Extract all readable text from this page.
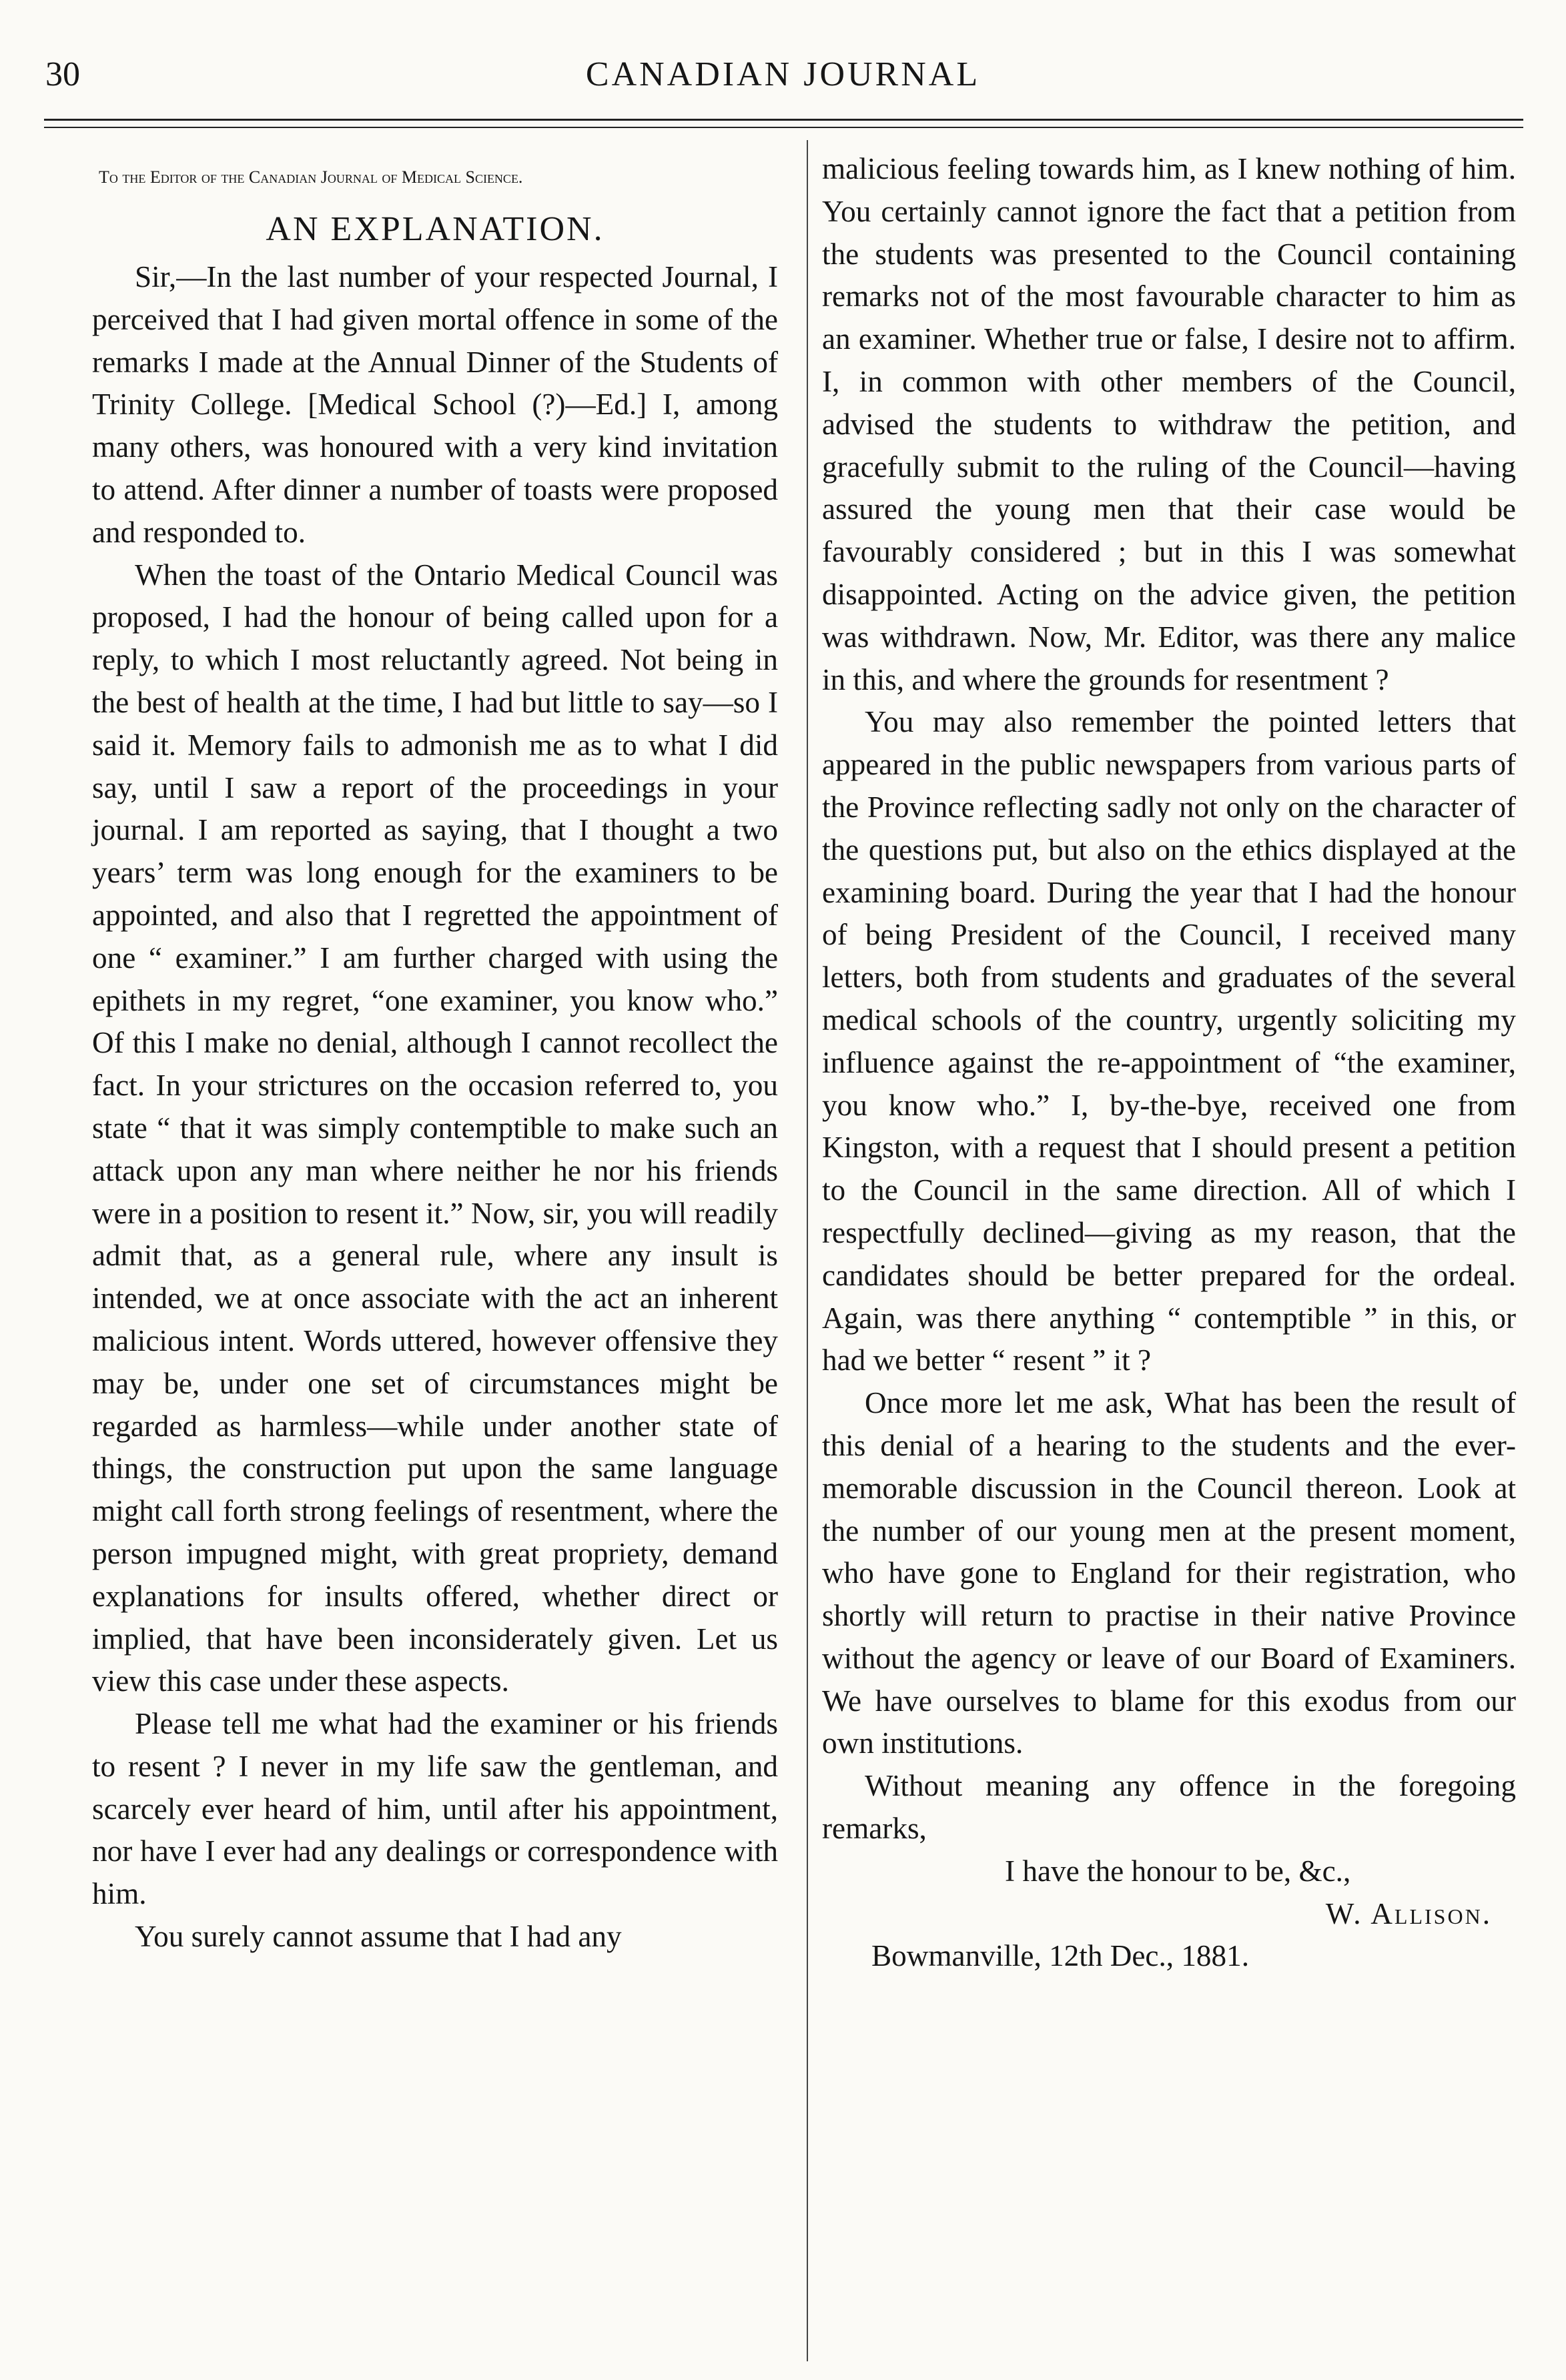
30	CANADIAN JOURNAL
To the Editor of the Canadian Journal of Medical Science.
AN EXPLANATION.

Sir,—In the last number of your respected Journal, I perceived that I had given mortal offence in some of the remarks I made at the Annual Dinner of the Students of Trinity College. [Medical School (?)—Ed.] I, among many others, was honoured with a very kind invitation to attend. After dinner a number of toasts were proposed and responded to.

When the toast of the Ontario Medical Council was proposed, I had the honour of being called upon for a reply, to which I most reluctantly agreed. Not being in the best of health at the time, I had but little to say—so I said it. Memory fails to admonish me as to what I did say, until I saw a report of the proceedings in your journal. I am reported as saying, that I thought a two years’ term was long enough for the examiners to be appointed, and also that I regretted the appointment of one “ examiner.” I am further charged with using the epithets in my regret, “one examiner, you know who.” Of this I make no denial, although I cannot recollect the fact. In your strictures on the occasion referred to, you state “ that it was simply contemptible to make such an attack upon any man where neither he nor his friends were in a position to resent it.” Now, sir, you will readily admit that, as a general rule, where any insult is intended, we at once associate with the act an inherent malicious intent. Words uttered, however offensive they may be, under one set of circumstances might be regarded as harmless—while under another state of things, the construction put upon the same language might call forth strong feelings of resentment, where the person impugned might, with great propriety, demand explanations for insults offered, whether direct or implied, that have been inconsiderately given. Let us view this case under these aspects.

Please tell me what had the examiner or his friends to resent ? I never in my life saw the gentleman, and scarcely ever heard of him, until after his appointment, nor have I ever had any dealings or correspondence with him.

You surely cannot assume that I had any

malicious feeling towards him, as I knew nothing of him. You certainly cannot ignore the fact that a petition from the students was presented to the Council containing remarks not of the most favourable character to him as an examiner. Whether true or false, I desire not to affirm. I, in common with other members of the Council, advised the students to withdraw the petition, and gracefully submit to the ruling of the Council—having assured the young men that their case would be favourably considered ; but in this I was somewhat disappointed. Acting on the advice given, the petition was withdrawn. Now, Mr. Editor, was there any malice in this, and where the grounds for resentment ?

You may also remember the pointed letters that appeared in the public newspapers from various parts of the Province reflecting sadly not only on the character of the questions put, but also on the ethics displayed at the examining board. During the year that I had the honour of being President of the Council, I received many letters, both from students and graduates of the several medical schools of the country, urgently soliciting my influence against the re-appointment of “the examiner, you know who.” I, by-the-bye, received one from Kingston, with a request that I should present a petition to the Council in the same direction. All of which I respectfully declined—giving as my reason, that the candidates should be better prepared for the ordeal. Again, was there anything “ contemptible ” in this, or had we better “ resent ” it ?

Once more let me ask, What has been the result of this denial of a hearing to the students and the ever-memorable discussion in the Council thereon. Look at the number of our young men at the present moment, who have gone to England for their registration, who shortly will return to practise in their native Province without the agency or leave of our Board of Examiners. We have ourselves to blame for this exodus from our own institutions.

Without meaning any offence in the foregoing remarks,

I have the honour to be, &c.,

W. Allison.

Bowmanville, 12th Dec., 1881.
